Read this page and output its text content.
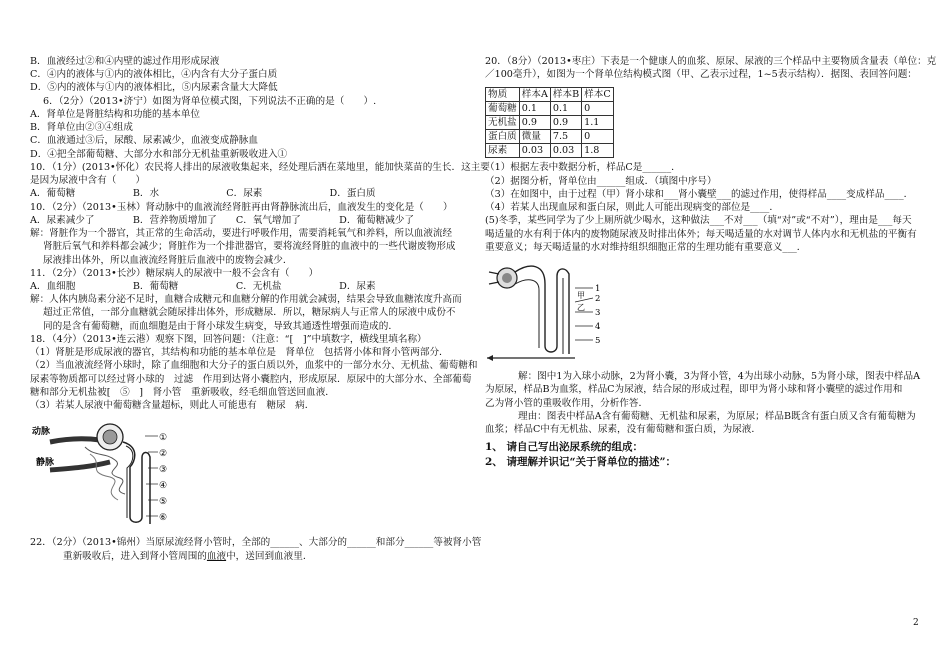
B．血液经过②和④内壁的滤过作用形成尿液

C．④内的液体与①内的液体相比，④内含有大分子蛋白质

D．⑤内的液体与①内的液体相比，⑤内尿素含量大大降低

6．（2分）（2013•济宁）如图为肾单位模式图，下列说法不正确的是（　　）.

A．肾单位是肾脏结构和功能的基本单位

B．肾单位由②③④组成

C．血液通过③后，尿酸、尿素减少，血液变成静脉血

D．④把全部葡萄糖、大部分水和部分无机盐重新吸收进入①

10．（1分）(2013•怀化）农民将人排出的尿液收集起来，经处理后洒在菜地里，能加快菜苗的生长．这主要

是因为尿液中含有（　　）

A．葡萄糖　　　　　　B．水　　　　　　　C．尿素　　　　　　　D．蛋白质

10．（2分）（2013•玉林）肾动脉中的血液流经肾脏再由肾静脉流出后，血液发生的变化是（　　）

A．尿素减少了　　　　B．营养物质增加了　　C．氧气增加了　　　　D．葡萄糖减少了

解：肾脏作为一个器官，其正常的生命活动，要进行呼吸作用，需要消耗氧气和养料，所以血液流经

肾脏后氧气和养料都会减少；肾脏作为一个排泄器官，要将流经肾脏的血液中的一些代谢废物形成

尿液排出体外，所以血液流经肾脏后血液中的废物会减少．

11．（2分）（2013•长沙）糖尿病人的尿液中一般不会含有（　　）

A．血细胞　　　　　　B．葡萄糖　　　　　　C．无机盐　　　　　　D．尿素

解：人体内胰岛素分泌不足时，血糖合成糖元和血糖分解的作用就会减弱，结果会导致血糖浓度升高而

超过正常值，一部分血糖就会随尿排出体外，形成糖尿．所以，糖尿病人与正常人的尿液中成份不

同的是含有葡萄糖，而血细胞是由于肾小球发生病变，导致其通透性增强而造成的．

18．（4分）（2013•连云港）观察下图，回答问题：（注意：“[　]”中填数字，横线里填名称）

（1）肾脏是形成尿液的器官，其结构和功能的基本单位是　肾单位　包括肾小体和肾小管两部分．

（2）当血液流经肾小球时，除了血细胞和大分子的蛋白质以外，血浆中的一部分水分、无机盐、葡萄糖和

尿素等物质都可以经过肾小球的　过滤　作用到达肾小囊腔内，形成原尿．原尿中的大部分水、全部葡萄

糖和部分无机盐被[　⑤　]　肾小管　重新吸收，经毛细血管送回血液．

（3）若某人尿液中葡萄糖含量超标，则此人可能患有　糖尿　病．

动脉
静脉
①
②
③
④
⑤
⑥

22．（2分）（2013•锦州）当原尿流经肾小管时，全部的______、大部分的______和部分______等被肾小管

重新吸收后，进入到肾小管周围的血液中，送回到血液里．

20．（8分）（2013•枣庄）下表是一个健康人的血浆、原尿、尿液的三个样品中主要物质含量表（单位：克

／100毫升），如图为一个肾单位结构模式图（甲、乙表示过程，1~5表示结构）．据图、表回答问题：

物质	样本A	样本B	样本C
葡萄糖	0.1	0.1	0
无机盐	0.9	0.9	1.1
蛋白质	微量	7.5	0
尿素	0.03	0.03	1.8

（1）根据左表中数据分析，样品C是______．

（2）据图分析，肾单位由______组成．（填图中序号）

（3）在如图中，由于过程（甲）肾小球和___肾小囊壁___的滤过作用，使得样品____变成样品____．

（4）若某人出现血尿和蛋白尿，则此人可能出现病变的部位是____．

(5)冬季，某些同学为了少上厕所就少喝水，这种做法___不对___（填“对”或“不对”），理由是___每天

喝适量的水有利于体内的废物随尿液及时排出体外；每天喝适量的水对调节人体内水和无机盐的平衡有

重要意义；每天喝适量的水对维持组织细胞正常的生理功能有重要意义___．

1
2
3
4
5
甲
乙

解：图中1为入球小动脉，2为肾小囊，3为肾小管，4为出球小动脉，5为肾小球，图表中样品A

为原尿，样品B为血浆，样品C为尿液，结合尿的形成过程，即甲为肾小球和肾小囊壁的滤过作用和

乙为肾小管的重吸收作用，分析作答．

理由：图表中样品A含有葡萄糖、无机盐和尿素，为原尿；样品B既含有蛋白质又含有葡萄糖为

血浆；样品C中有无机盐、尿素，没有葡萄糖和蛋白质，为尿液．

1、 请自己写出泌尿系统的组成：

2、 请理解并识记“关于肾单位的描述”：

2
